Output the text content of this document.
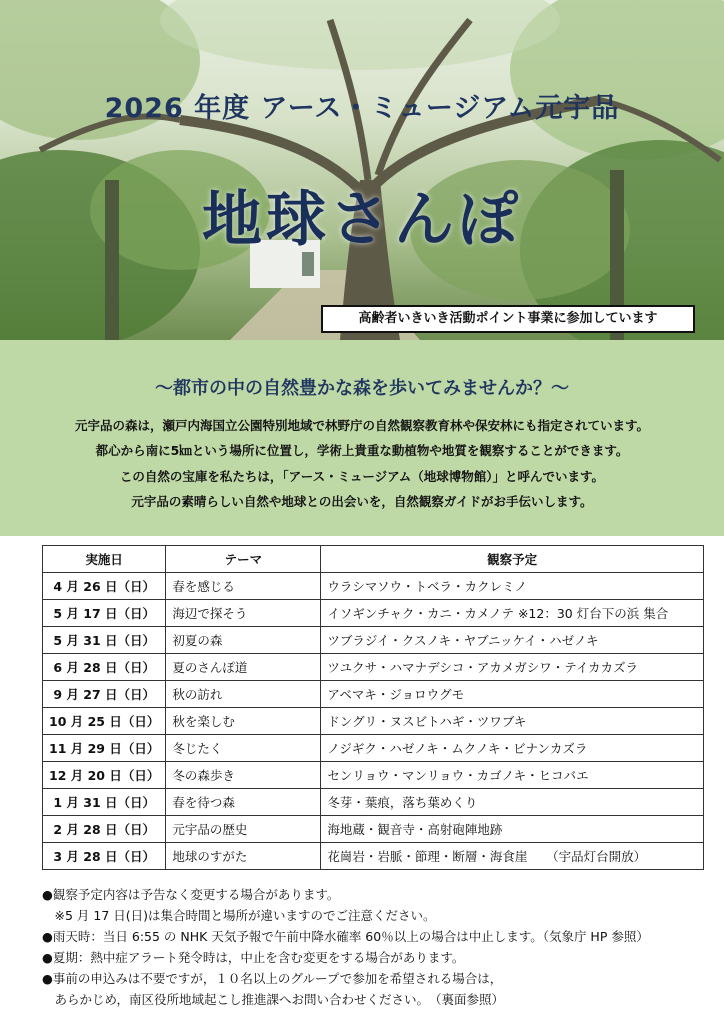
2026 年度 アース・ミュージアム元宇品
地球さんぽ
高齢者いきいき活動ポイント事業に参加しています
～都市の中の自然豊かな森を歩いてみませんか？～
元宇品の森は，瀬戸内海国立公園特別地域で林野庁の自然観察教育林や保安林にも指定されています。
都心から南に5㎞という場所に位置し，学術上貴重な動植物や地質を観察することができます。
この自然の宝庫を私たちは，「アース・ミュージアム（地球博物館）」と呼んでいます。
元宇品の素晴らしい自然や地球との出会いを，自然観察ガイドがお手伝いします。
実施日	テーマ	観察予定
4 月 26 日（日）	春を感じる	ウラシマソウ・トベラ・カクレミノ
5 月 17 日（日）	海辺で探そう	イソギンチャク・カニ・カメノテ ※12：30 灯台下の浜 集合
5 月 31 日（日）	初夏の森	ツブラジイ・クスノキ・ヤブニッケイ・ハゼノキ
6 月 28 日（日）	夏のさんぽ道	ツユクサ・ハマナデシコ・アカメガシワ・テイカカズラ
9 月 27 日（日）	秋の訪れ	アベマキ・ジョロウグモ
10 月 25 日（日）	秋を楽しむ	ドングリ・ヌスビトハギ・ツワブキ
11 月 29 日（日）	冬じたく	ノジギク・ハゼノキ・ムクノキ・ビナンカズラ
12 月 20 日（日）	冬の森歩き	センリョウ・マンリョウ・カゴノキ・ヒコバエ
1 月 31 日（日）	春を待つ森	冬芽・葉痕，落ち葉めくり
2 月 28 日（日）	元宇品の歴史	海地蔵・観音寺・高射砲陣地跡
3 月 28 日（日）	地球のすがた	花崗岩・岩脈・節理・断層・海食崖　　（宇品灯台開放）
●観察予定内容は予告なく変更する場合があります。
　※5 月 17 日(日)は集合時間と場所が違いますのでご注意ください。
●雨天時：当日 6:55 の NHK 天気予報で午前中降水確率 60％以上の場合は中止します。（気象庁 HP 参照）
●夏期：熱中症アラート発令時は，中止を含む変更をする場合があります。
●事前の申込みは不要ですが，１０名以上のグループで参加を希望される場合は，
　あらかじめ，南区役所地域起こし推進課へお問い合わせください。　（裏面参照）
